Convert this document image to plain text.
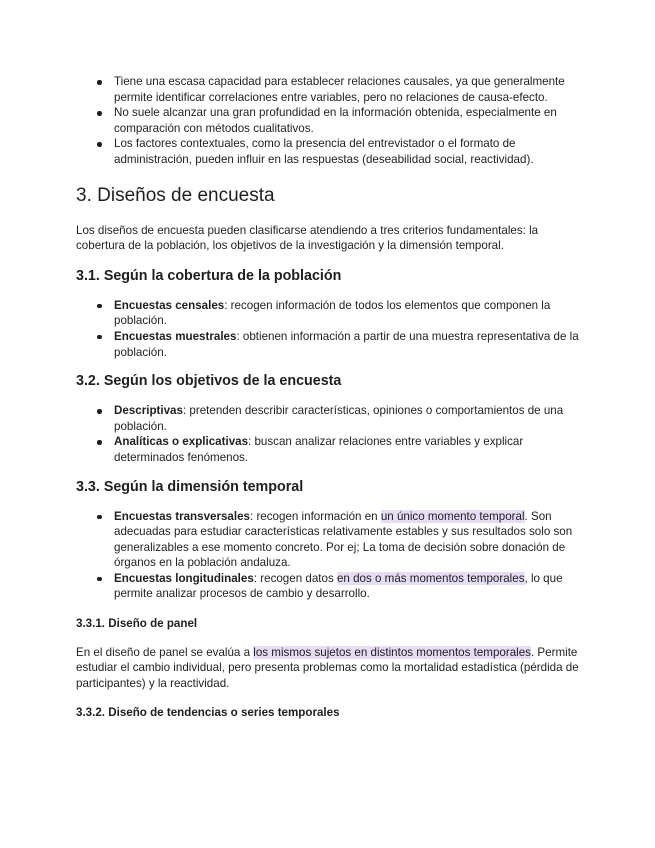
Tiene una escasa capacidad para establecer relaciones causales, ya que generalmente permite identificar correlaciones entre variables, pero no relaciones de causa-efecto.
No suele alcanzar una gran profundidad en la información obtenida, especialmente en comparación con métodos cualitativos.
Los factores contextuales, como la presencia del entrevistador o el formato de administración, pueden influir en las respuestas (deseabilidad social, reactividad).
3. Diseños de encuesta

Los diseños de encuesta pueden clasificarse atendiendo a tres criterios fundamentales: la cobertura de la población, los objetivos de la investigación y la dimensión temporal.

3.1. Según la cobertura de la población
Encuestas censales: recogen información de todos los elementos que componen la población.
Encuestas muestrales: obtienen información a partir de una muestra representativa de la población.
3.2. Según los objetivos de la encuesta
Descriptivas: pretenden describir características, opiniones o comportamientos de una población.
Analíticas o explicativas: buscan analizar relaciones entre variables y explicar determinados fenómenos.
3.3. Según la dimensión temporal
Encuestas transversales: recogen información en un único momento temporal. Son adecuadas para estudiar características relativamente estables y sus resultados solo son generalizables a ese momento concreto. Por ej; La toma de decisión sobre donación de órganos en la población andaluza.
Encuestas longitudinales: recogen datos en dos o más momentos temporales, lo que permite analizar procesos de cambio y desarrollo.
3.3.1. Diseño de panel

En el diseño de panel se evalúa a los mismos sujetos en distintos momentos temporales. Permite estudiar el cambio individual, pero presenta problemas como la mortalidad estadística (pérdida de participantes) y la reactividad.

3.3.2. Diseño de tendencias o series temporales
